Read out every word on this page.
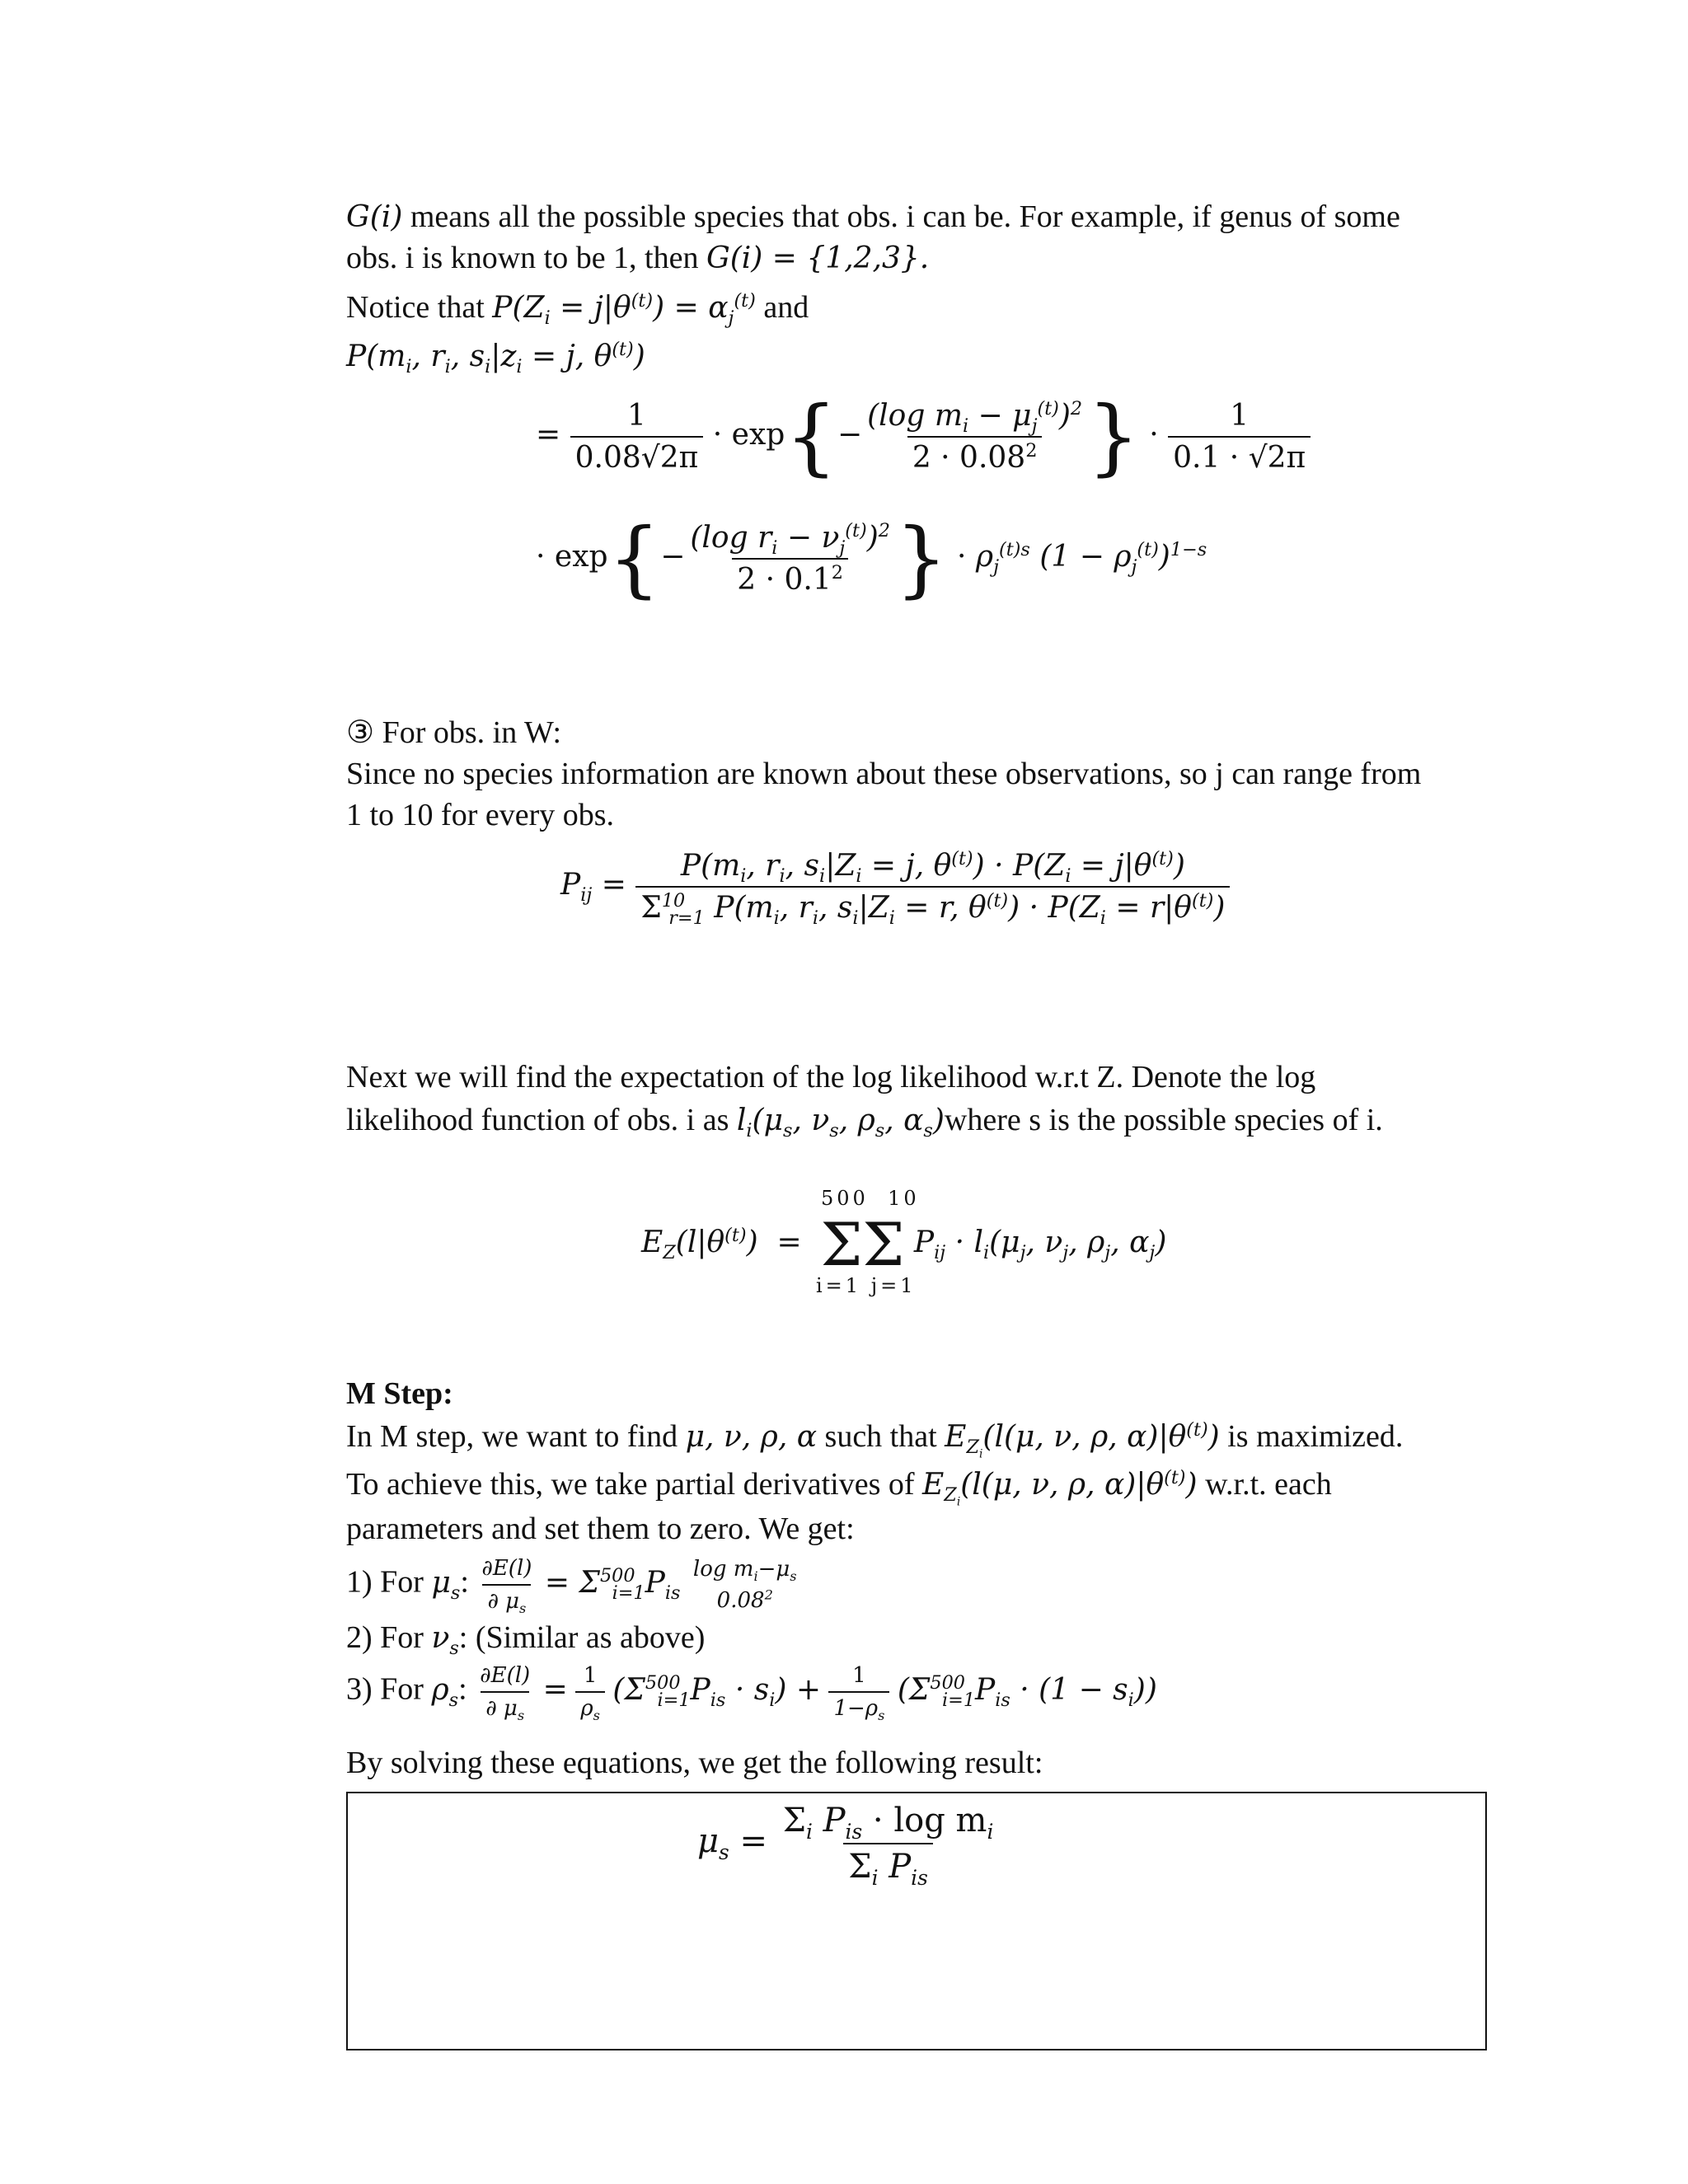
G(i) means all the possible species that obs. i can be. For example, if genus of some
obs. i is known to be 1, then G(i) = {1,2,3}.
Notice that $P(Z_i = j|\theta^{(t)}) = \alpha_j^{(t)}$ and
$P(m_i$, $r_i$, $s_i|z_i = j$, $\theta^{(t)}$)
= $\frac{1}{0.08√2\pi} \cdot \exp\{- \frac{(\log m_i - \mu_j^{(t)})^2}{2 \cdot 0.08^2}$ } · $\frac{1}{0.1 \cdot √2\pi}$
· $\exp\{- \frac{(\log r_i - \nu_j^{(t)})^2}{2 \cdot 0.1^2}$ } · $\rho_j^{(t)s}$ $(1 - \rho_j^{(t)})^{1-s}$
③ For obs. in W:
Since no species information are known about these observations, so j can range from
1 to 10 for every obs.
$P_{ij} = \frac{P(m_i, r_i, s_i|Z_i = j, \theta^{(t)}) \cdot P(Z_i = j|\theta^{(t)})}{\Sigma^{10}_{r=1} P(m_i, r_i, s_i|Z_i = r, \theta^{(t)}) \cdot P(Z_i = r|\theta^{(t)})}$
Next we will find the expectation of the log likelihood w.r.t Z. Denote the log
likelihood function of obs. i as $l_i(\mu_s$, $\nu_s$, $\rho_s$, $\alpha_s)where$ s is the possible species of i.
500 10
$E_Z(l|\theta^{(t)}) = \Sigma\Sigma$ $P_{ij} \cdot l_i(\mu_j$, $\nu_j$, $\rho_j$, $\alpha_j$)
i=1 j=1
M Step:
In M step, we want to find μ, ν, ρ, α such that $E_{Z_i}(l(\mu$, ν, ρ, $\alpha)|\theta^{(t)}$) is maximized.
To achieve this, we take partial derivatives of $E_{Z_i}(l(\mu$, ν, ρ, $\alpha)|\theta^{(t)}$) w.r.t. each
parameters and set them to zero. We get:
1) For $\mu_s$: $\frac{\partial E(l)}{\partial \mu_s} = \Sigma^{500}_{i=1}P_{is}$
$\log m_i-\mu_s$
0.08$^2$
2) For $\nu_s$: (Similar as above)
3) For $\rho_s$: $\frac{\partial E(l)}{\partial \mu_s} = \frac{1}{\rho_s} (\Sigma^{500}_{i=1}P_{is} \cdot s_i) + \frac{1}{1-\rho_s} (\Sigma^{500}_{i=1}P_{is} \cdot (1 - s_i))$
By solving these equations, we get the following result:
$\mu_s = \frac{\Sigma_i P_{is} \cdot \log m_i}{\Sigma_i P_{is}}$
